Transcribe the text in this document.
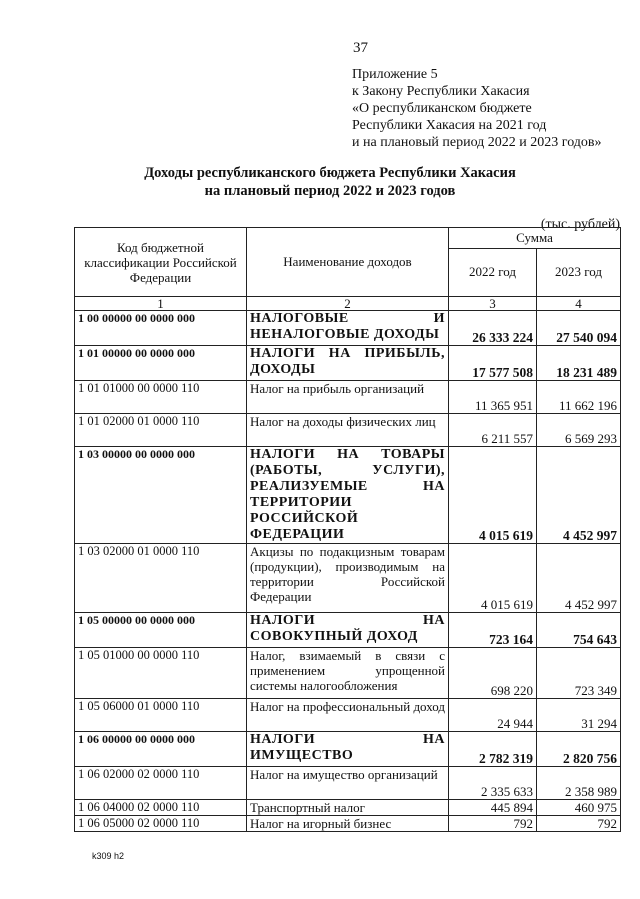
37
Приложение 5
к Закону Республики Хакасия
«О республиканском бюджете
Республики Хакасия на 2021 год
и на плановый период 2022 и 2023 годов»
Доходы республиканского бюджета Республики Хакасия
на плановый период 2022 и 2023 годов
(тыс. рублей)
Код бюджетной классификации Российской Федерации	Наименование доходов	Сумма	
		2022 год	2023 год
1	2	3	4
1 00 00000 00 0000 000	НАЛОГОВЫЕ И НЕНАЛОГОВЫЕ ДОХОДЫ	26 333 224	27 540 094
1 01 00000 00 0000 000	НАЛОГИ НА ПРИБЫЛЬ, ДОХОДЫ	17 577 508	18 231 489
1 01 01000 00 0000 110	Налог на прибыль организаций	11 365 951	11 662 196
1 01 02000 01 0000 110	Налог на доходы физических лиц	6 211 557	6 569 293
1 03 00000 00 0000 000	НАЛОГИ НА ТОВАРЫ (РАБОТЫ, УСЛУГИ), РЕАЛИЗУЕМЫЕ НА ТЕРРИТОРИИ РОССИЙСКОЙ ФЕДЕРАЦИИ	4 015 619	4 452 997
1 03 02000 01 0000 110	Акцизы по подакцизным товарам (продукции), производимым на территории Российской Федерации	4 015 619	4 452 997
1 05 00000 00 0000 000	НАЛОГИ НА СОВОКУПНЫЙ ДОХОД	723 164	754 643
1 05 01000 00 0000 110	Налог, взимаемый в связи с применением упрощенной системы налогообложения	698 220	723 349
1 05 06000 01 0000 110	Налог на профессиональный доход	24 944	31 294
1 06 00000 00 0000 000	НАЛОГИ НА ИМУЩЕСТВО	2 782 319	2 820 756
1 06 02000 02 0000 110	Налог на имущество организаций	2 335 633	2 358 989
1 06 04000 02 0000 110	Транспортный налог	445 894	460 975
1 06 05000 02 0000 110	Налог на игорный бизнес	792	792
k309 h2
